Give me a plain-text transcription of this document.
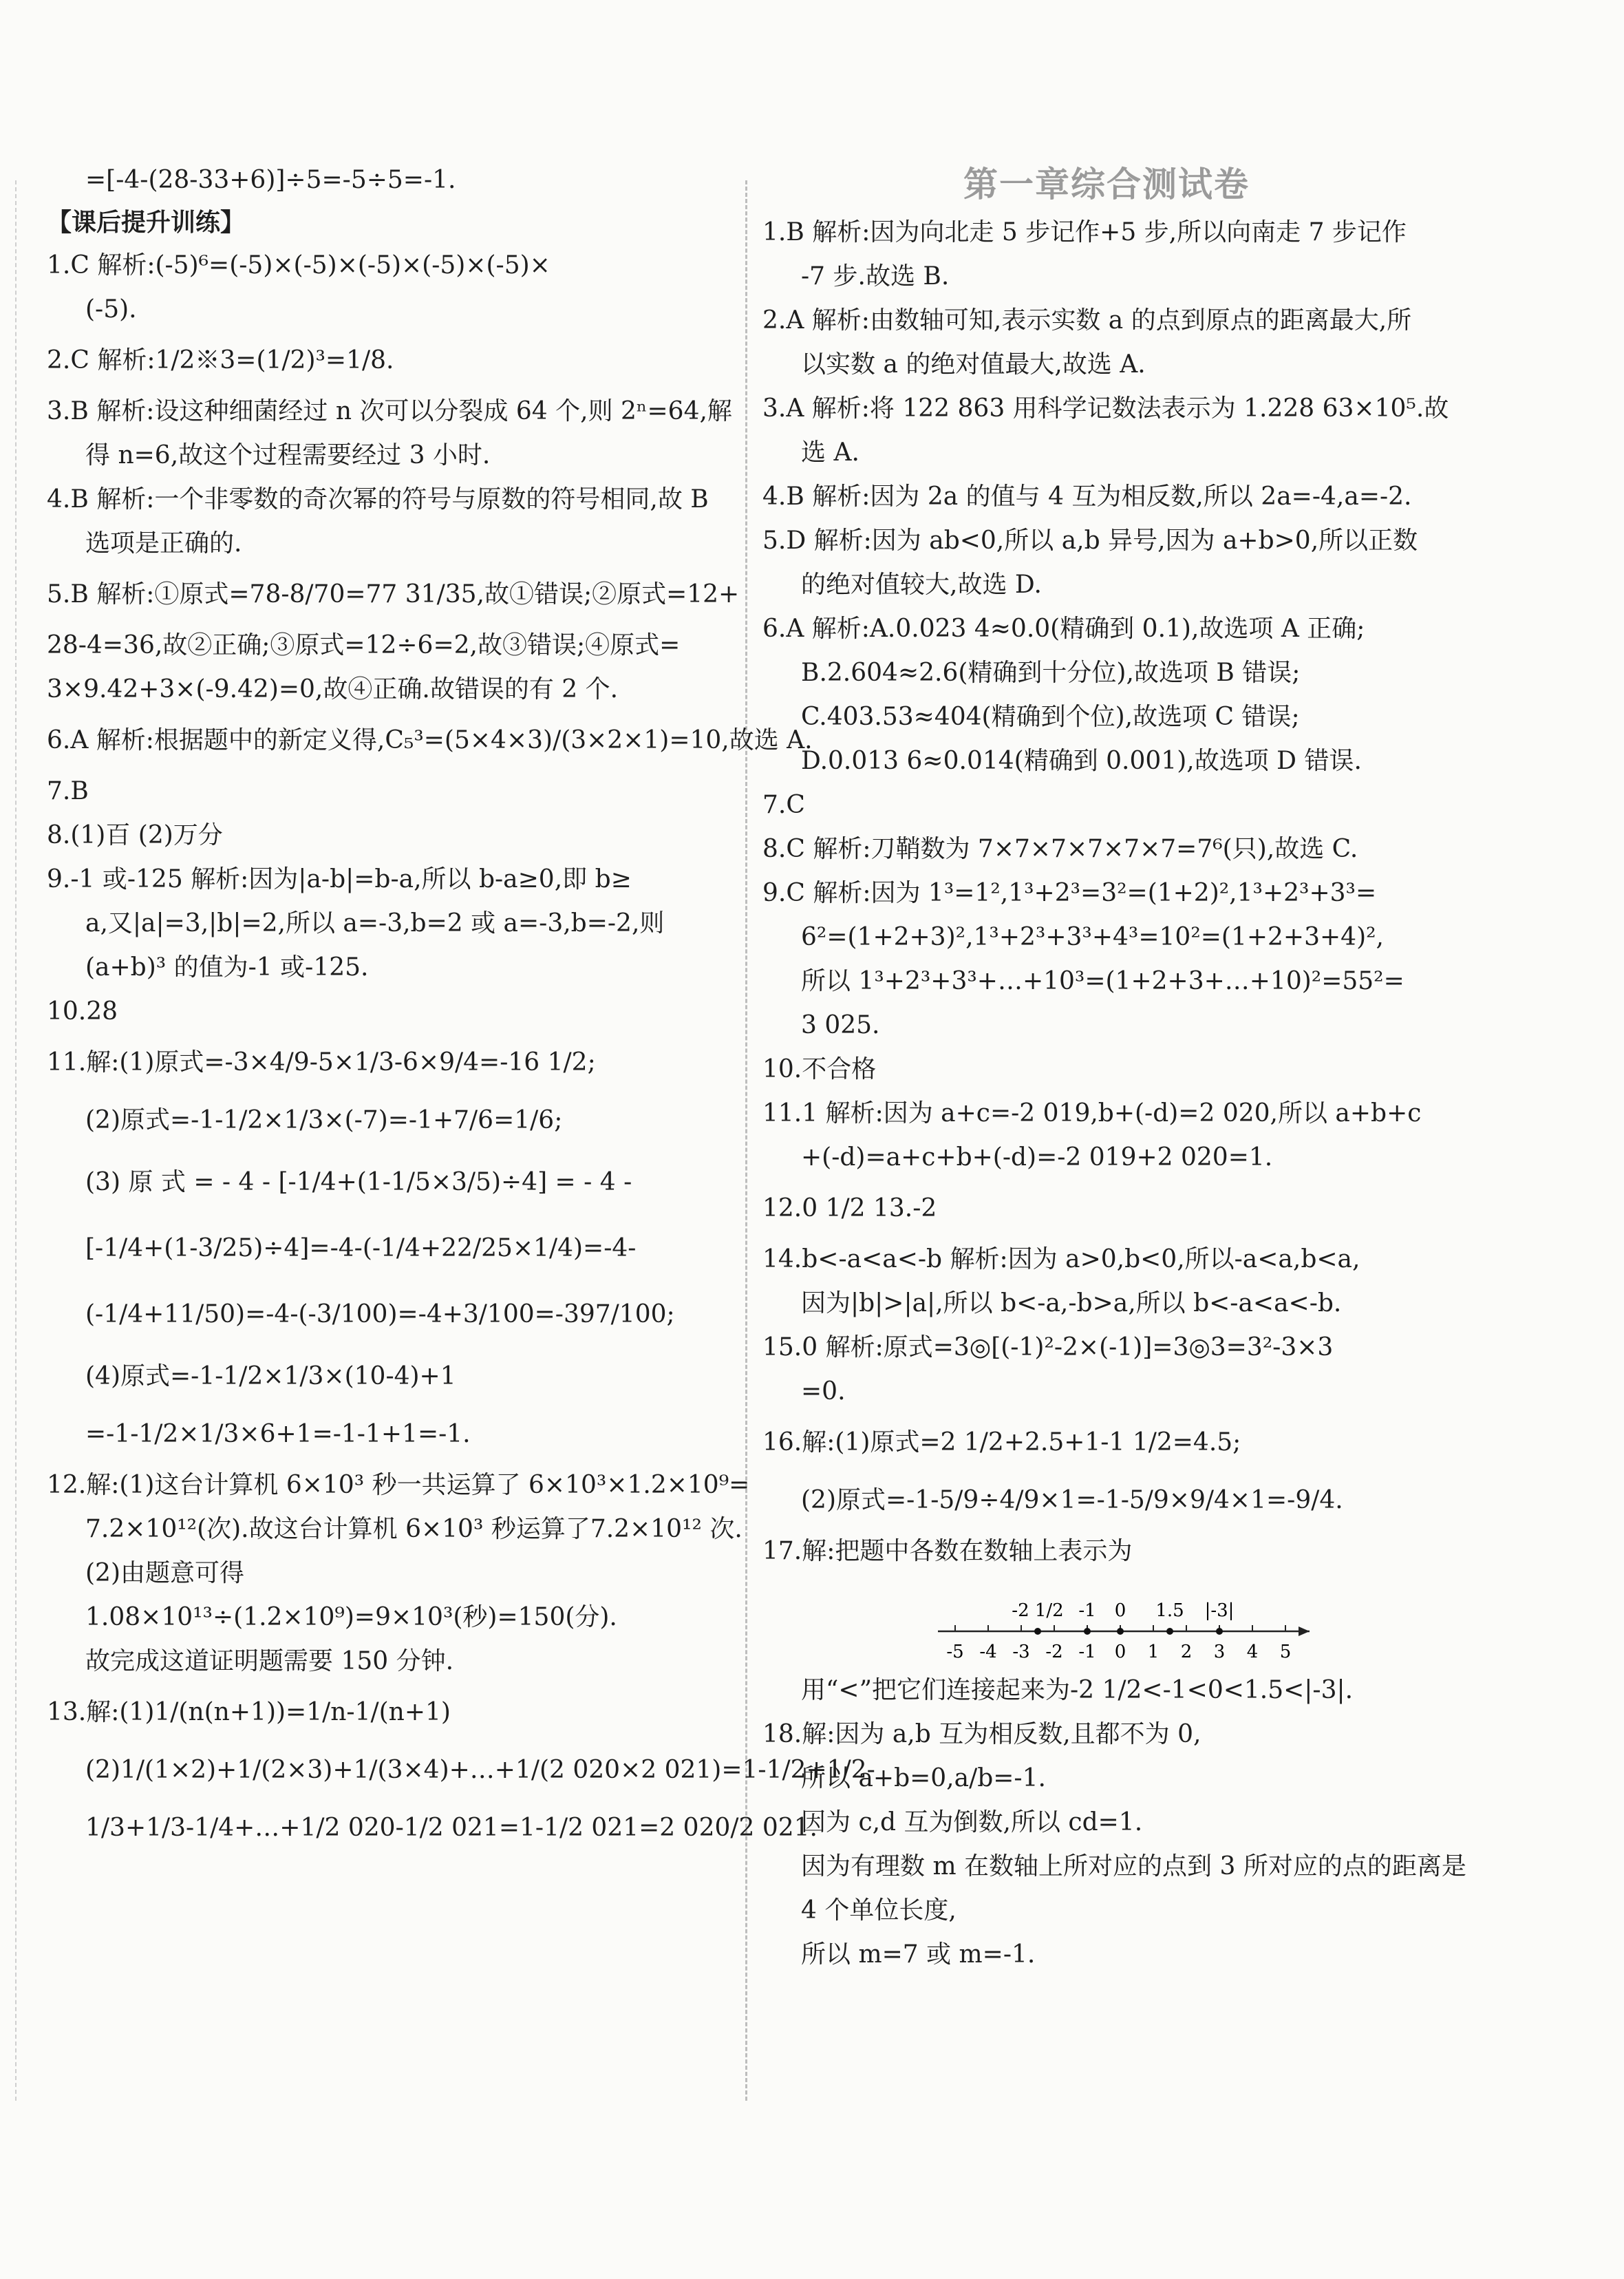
=[-4-(28-33+6)]÷5=-5÷5=-1.
【课后提升训练】
1.C 解析:(-5)⁶=(-5)×(-5)×(-5)×(-5)×(-5)×
(-5).
2.C 解析:1/2※3=(1/2)³=1/8.
3.B 解析:设这种细菌经过 n 次可以分裂成 64 个,则 2ⁿ=64,解
得 n=6,故这个过程需要经过 3 小时.
4.B 解析:一个非零数的奇次幂的符号与原数的符号相同,故 B
选项是正确的.
5.B 解析:①原式=78-8/70=77 31/35,故①错误;②原式=12+
28-4=36,故②正确;③原式=12÷6=2,故③错误;④原式=
3×9.42+3×(-9.42)=0,故④正确.故错误的有 2 个.
6.A 解析:根据题中的新定义得,C₅³=(5×4×3)/(3×2×1)=10,故选 A.
7.B
8.(1)百 (2)万分
9.-1 或-125 解析:因为|a-b|=b-a,所以 b-a≥0,即 b≥
a,又|a|=3,|b|=2,所以 a=-3,b=2 或 a=-3,b=-2,则
(a+b)³ 的值为-1 或-125.
10.28
11.解:(1)原式=-3×4/9-5×1/3-6×9/4=-16 1/2;
(2)原式=-1-1/2×1/3×(-7)=-1+7/6=1/6;
(3) 原 式 = - 4 - [-1/4+(1-1/5×3/5)÷4] = - 4 -
[-1/4+(1-3/25)÷4]=-4-(-1/4+22/25×1/4)=-4-
(-1/4+11/50)=-4-(-3/100)=-4+3/100=-397/100;
(4)原式=-1-1/2×1/3×(10-4)+1
=-1-1/2×1/3×6+1=-1-1+1=-1.
12.解:(1)这台计算机 6×10³ 秒一共运算了 6×10³×1.2×10⁹=
7.2×10¹²(次).故这台计算机 6×10³ 秒运算了7.2×10¹² 次.
(2)由题意可得
1.08×10¹³÷(1.2×10⁹)=9×10³(秒)=150(分).
故完成这道证明题需要 150 分钟.
13.解:(1)1/(n(n+1))=1/n-1/(n+1)
(2)1/(1×2)+1/(2×3)+1/(3×4)+…+1/(2 020×2 021)=1-1/2+1/2-
1/3+1/3-1/4+…+1/2 020-1/2 021=1-1/2 021=2 020/2 021.
第一章综合测试卷
1.B 解析:因为向北走 5 步记作+5 步,所以向南走 7 步记作
-7 步.故选 B.
2.A 解析:由数轴可知,表示实数 a 的点到原点的距离最大,所
以实数 a 的绝对值最大,故选 A.
3.A 解析:将 122 863 用科学记数法表示为 1.228 63×10⁵.故
选 A.
4.B 解析:因为 2a 的值与 4 互为相反数,所以 2a=-4,a=-2.
5.D 解析:因为 ab<0,所以 a,b 异号,因为 a+b>0,所以正数
的绝对值较大,故选 D.
6.A 解析:A.0.023 4≈0.0(精确到 0.1),故选项 A 正确;
B.2.604≈2.6(精确到十分位),故选项 B 错误;
C.403.53≈404(精确到个位),故选项 C 错误;
D.0.013 6≈0.014(精确到 0.001),故选项 D 错误.
7.C
8.C 解析:刀鞘数为 7×7×7×7×7×7=7⁶(只),故选 C.
9.C 解析:因为 1³=1²,1³+2³=3²=(1+2)²,1³+2³+3³=
6²=(1+2+3)²,1³+2³+3³+4³=10²=(1+2+3+4)²,
所以 1³+2³+3³+…+10³=(1+2+3+…+10)²=55²=
3 025.
10.不合格
11.1 解析:因为 a+c=-2 019,b+(-d)=2 020,所以 a+b+c
+(-d)=a+c+b+(-d)=-2 019+2 020=1.
12.0 1/2 13.-2
14.b<-a<a<-b 解析:因为 a>0,b<0,所以-a<a,b<a,
因为|b|>|a|,所以 b<-a,-b>a,所以 b<-a<a<-b.
15.0 解析:原式=3◎[(-1)²-2×(-1)]=3◎3=3²-3×3
=0.
16.解:(1)原式=2 1/2+2.5+1-1 1/2=4.5;
(2)原式=-1-5/9÷4/9×1=-1-5/9×9/4×1=-9/4.
17.解:把题中各数在数轴上表示为
-5 -4 -3 -2 -1 0 1 2 3 4 5
-2 1/2 -1 0 1.5 |-3|
用“<”把它们连接起来为-2 1/2<-1<0<1.5<|-3|.
18.解:因为 a,b 互为相反数,且都不为 0,
所以 a+b=0,a/b=-1.
因为 c,d 互为倒数,所以 cd=1.
因为有理数 m 在数轴上所对应的点到 3 所对应的点的距离是
4 个单位长度,
所以 m=7 或 m=-1.
